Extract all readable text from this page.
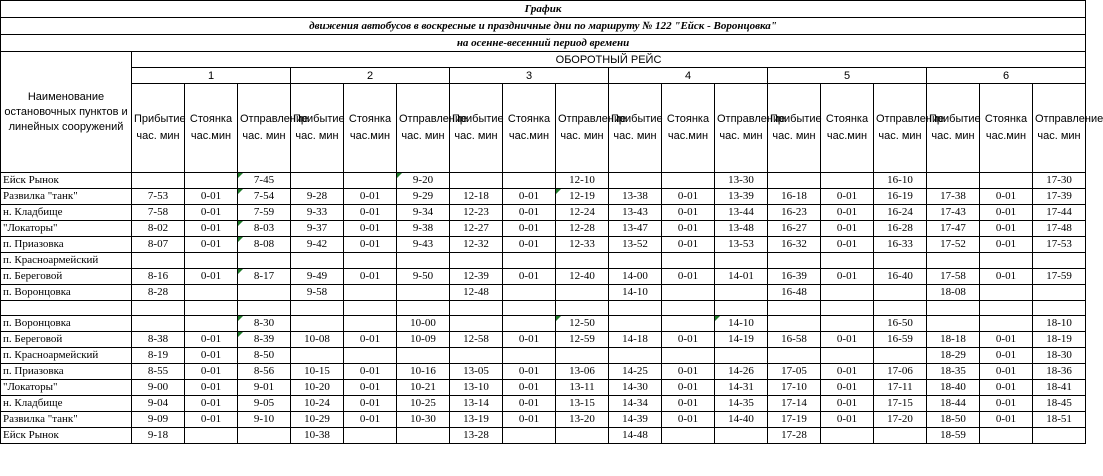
График																		
движения автобусов в воскресные и праздничные дни по маршруту № 122 "Ейск - Воронцовка"																		
на осенне-весенний период времени																		
Наименование остановочных пунктов и линейных сооружений	ОБОРОТНЫЙ РЕЙС																	
	1			2			3			4			5			6		
	Прибытие час. мин	Стоянка час.мин	Отправление час. мин	Прибытие час. мин	Стоянка час.мин	Отправление час. мин	Прибытие час. мин	Стоянка час.мин	Отправление час. мин	Прибытие час. мин	Стоянка час.мин	Отправление час. мин	Прибытие час. мин	Стоянка час.мин	Отправление час. мин	Прибытие час. мин	Стоянка час.мин	Отправление час. мин
Ейск Рынок			7-45			9-20			12-10			13-30			16-10			17-30
Развилка "танк"	7-53	0-01	7-54	9-28	0-01	9-29	12-18	0-01	12-19	13-38	0-01	13-39	16-18	0-01	16-19	17-38	0-01	17-39
н. Кладбище	7-58	0-01	7-59	9-33	0-01	9-34	12-23	0-01	12-24	13-43	0-01	13-44	16-23	0-01	16-24	17-43	0-01	17-44
"Локаторы"	8-02	0-01	8-03	9-37	0-01	9-38	12-27	0-01	12-28	13-47	0-01	13-48	16-27	0-01	16-28	17-47	0-01	17-48
п. Приазовка	8-07	0-01	8-08	9-42	0-01	9-43	12-32	0-01	12-33	13-52	0-01	13-53	16-32	0-01	16-33	17-52	0-01	17-53
п. Красноармейский																		
п. Береговой	8-16	0-01	8-17	9-49	0-01	9-50	12-39	0-01	12-40	14-00	0-01	14-01	16-39	0-01	16-40	17-58	0-01	17-59
п. Воронцовка	8-28			9-58			12-48			14-10			16-48			18-08		

п. Воронцовка			8-30			10-00			12-50			14-10			16-50			18-10
п. Береговой	8-38	0-01	8-39	10-08	0-01	10-09	12-58	0-01	12-59	14-18	0-01	14-19	16-58	0-01	16-59	18-18	0-01	18-19
п. Красноармейский	8-19	0-01	8-50													18-29	0-01	18-30
п. Приазовка	8-55	0-01	8-56	10-15	0-01	10-16	13-05	0-01	13-06	14-25	0-01	14-26	17-05	0-01	17-06	18-35	0-01	18-36
"Локаторы"	9-00	0-01	9-01	10-20	0-01	10-21	13-10	0-01	13-11	14-30	0-01	14-31	17-10	0-01	17-11	18-40	0-01	18-41
н. Кладбище	9-04	0-01	9-05	10-24	0-01	10-25	13-14	0-01	13-15	14-34	0-01	14-35	17-14	0-01	17-15	18-44	0-01	18-45
Развилка "танк"	9-09	0-01	9-10	10-29	0-01	10-30	13-19	0-01	13-20	14-39	0-01	14-40	17-19	0-01	17-20	18-50	0-01	18-51
Ейск Рынок	9-18			10-38			13-28			14-48			17-28			18-59		
